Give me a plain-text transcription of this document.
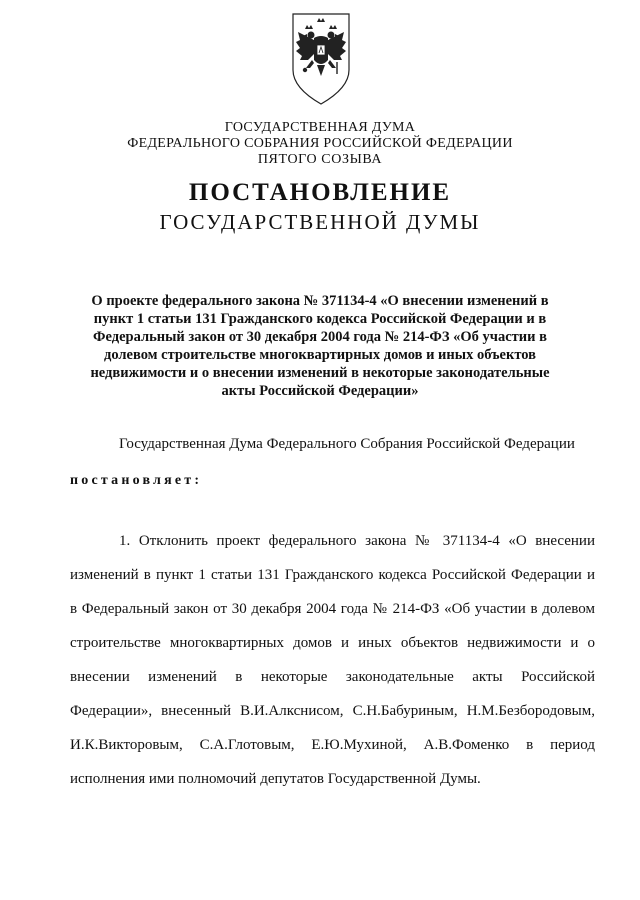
ГОСУДАРСТВЕННАЯ ДУМА
ФЕДЕРАЛЬНОГО СОБРАНИЯ РОССИЙСКОЙ ФЕДЕРАЦИИ
ПЯТОГО СОЗЫВА
ПОСТАНОВЛЕНИЕ
ГОСУДАРСТВЕННОЙ ДУМЫ
О проекте федерального закона № 371134-4 «О внесении изменений в
пункт 1 статьи 131 Гражданского кодекса Российской Федерации и в
Федеральный закон от 30 декабря 2004 года № 214-ФЗ «Об участии в
долевом строительстве многоквартирных домов и иных объектов
недвижимости и о внесении изменений в некоторые законодательные
акты Российской Федерации»
Государственная Дума Федерального Собрания Российской Федерации
постановляет:
1. Отклонить проект федерального закона № 371134-4 «О внесении
изменений в пункт 1 статьи 131 Гражданского кодекса Российской Федерации и
в Федеральный закон от 30 декабря 2004 года № 214-ФЗ «Об участии в долевом
строительстве многоквартирных домов и иных объектов недвижимости и о
внесении изменений в некоторые законодательные акты Российской
Федерации», внесенный В.И.Алкснисом, С.Н.Бабуриным, Н.М.Безбородовым,
И.К.Викторовым, С.А.Глотовым, Е.Ю.Мухиной, А.В.Фоменко в период
исполнения ими полномочий депутатов Государственной Думы.
